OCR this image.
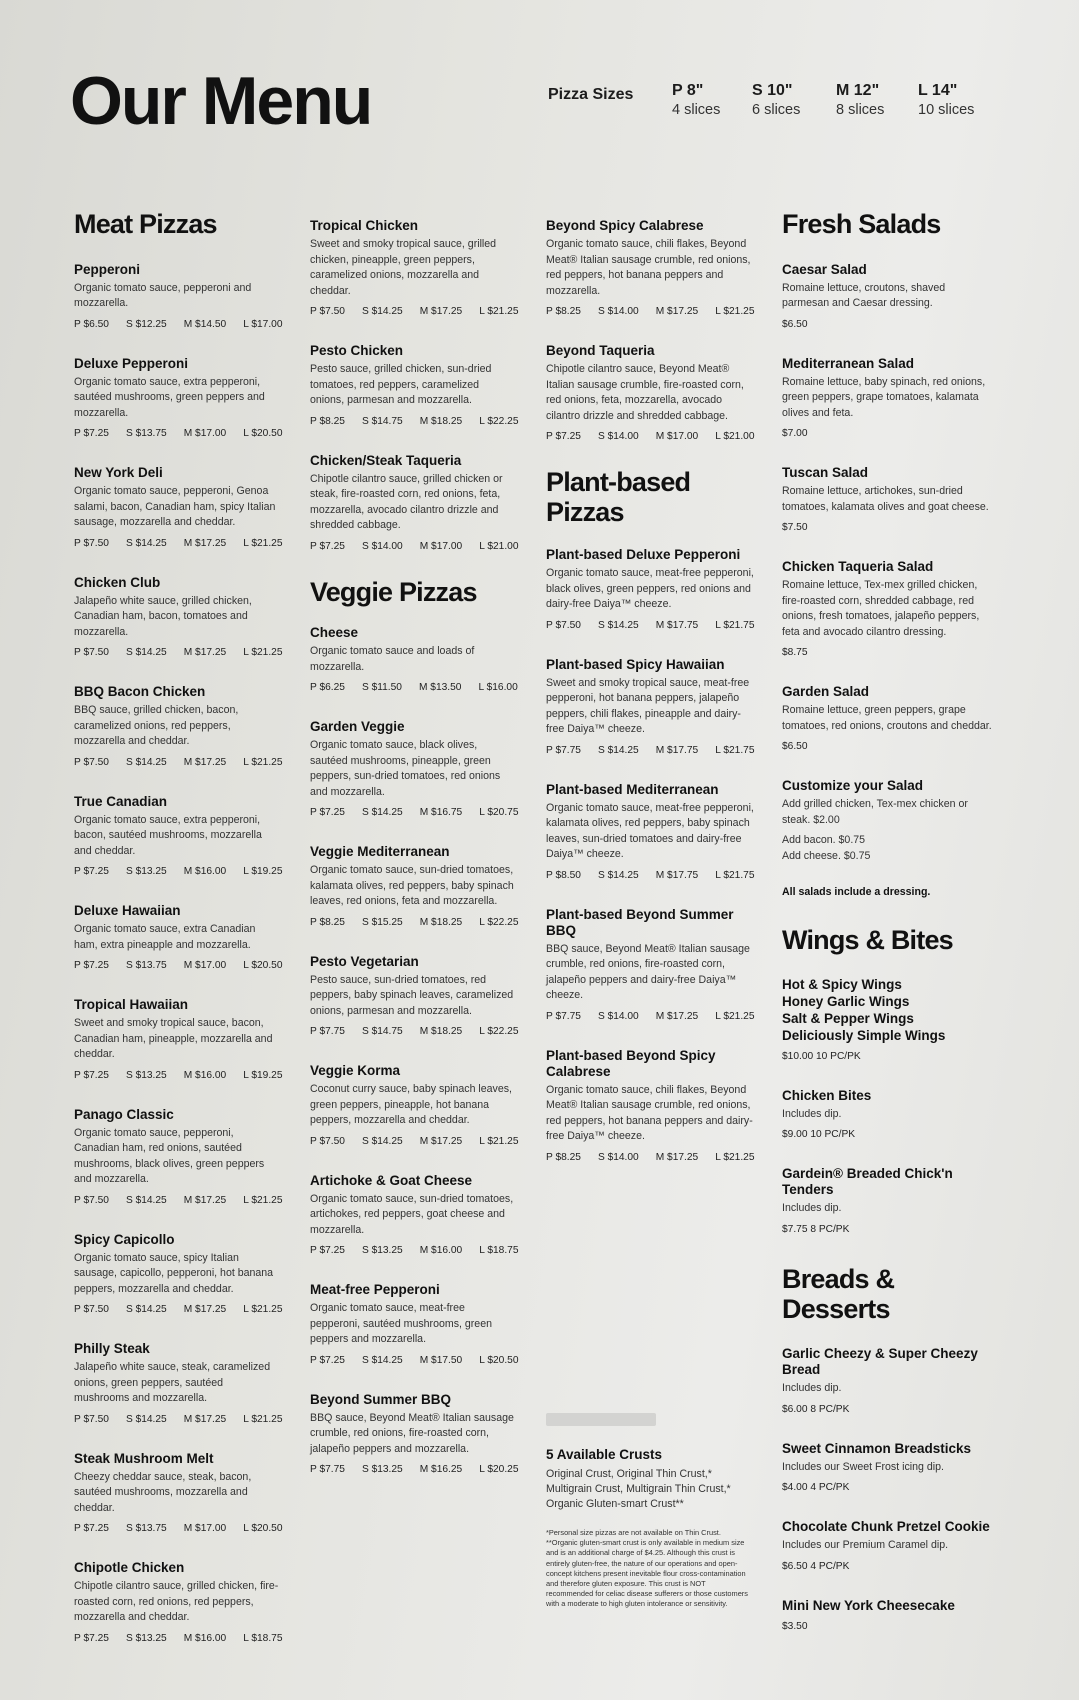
Our Menu	Pizza Sizes P 8"
4 slices
S 10"
6 slices
M 12"
8 slices
L 14"
10 slices
Meat Pizzas
Pepperoni
Organic tomato sauce, pepperoni and mozzarella.
P $6.50 S $12.25 M $14.50 L $17.00
Deluxe Pepperoni
Organic tomato sauce, extra pepperoni, sautéed mushrooms, green peppers and mozzarella.
P $7.25 S $13.75 M $17.00 L $20.50
New York Deli
Organic tomato sauce, pepperoni, Genoa salami, bacon, Canadian ham, spicy Italian sausage, mozzarella and cheddar.
P $7.50 S $14.25 M $17.25 L $21.25
Chicken Club
Jalapeño white sauce, grilled chicken, Canadian ham, bacon, tomatoes and mozzarella.
P $7.50 S $14.25 M $17.25 L $21.25
BBQ Bacon Chicken
BBQ sauce, grilled chicken, bacon, caramelized onions, red peppers, mozzarella and cheddar.
P $7.50 S $14.25 M $17.25 L $21.25
True Canadian
Organic tomato sauce, extra pepperoni, bacon, sautéed mushrooms, mozzarella and cheddar.
P $7.25 S $13.25 M $16.00 L $19.25
Deluxe Hawaiian
Organic tomato sauce, extra Canadian ham, extra pineapple and mozzarella.
P $7.25 S $13.75 M $17.00 L $20.50
Tropical Hawaiian
Sweet and smoky tropical sauce, bacon, Canadian ham, pineapple, mozzarella and cheddar.
P $7.25 S $13.25 M $16.00 L $19.25
Panago Classic
Organic tomato sauce, pepperoni, Canadian ham, red onions, sautéed mushrooms, black olives, green peppers and mozzarella.
P $7.50 S $14.25 M $17.25 L $21.25
Spicy Capicollo
Organic tomato sauce, spicy Italian sausage, capicollo, pepperoni, hot banana peppers, mozzarella and cheddar.
P $7.50 S $14.25 M $17.25 L $21.25
Philly Steak
Jalapeño white sauce, steak, caramelized onions, green peppers, sautéed mushrooms and mozzarella.
P $7.50 S $14.25 M $17.25 L $21.25
Steak Mushroom Melt
Cheezy cheddar sauce, steak, bacon, sautéed mushrooms, mozzarella and cheddar.
P $7.25 S $13.75 M $17.00 L $20.50
Chipotle Chicken
Chipotle cilantro sauce, grilled chicken, fire-roasted corn, red onions, red peppers, mozzarella and cheddar.
P $7.25 S $13.25 M $16.00 L $18.75
Tropical Chicken
Sweet and smoky tropical sauce, grilled chicken, pineapple, green peppers, caramelized onions, mozzarella and cheddar.
P $7.50 S $14.25 M $17.25 L $21.25
Pesto Chicken
Pesto sauce, grilled chicken, sun-dried tomatoes, red peppers, caramelized onions, parmesan and mozzarella.
P $8.25 S $14.75 M $18.25 L $22.25
Chicken/Steak Taqueria
Chipotle cilantro sauce, grilled chicken or steak, fire-roasted corn, red onions, feta, mozzarella, avocado cilantro drizzle and shredded cabbage.
P $7.25 S $14.00 M $17.00 L $21.00
Veggie Pizzas
Cheese
Organic tomato sauce and loads of mozzarella.
P $6.25 S $11.50 M $13.50 L $16.00
Garden Veggie
Organic tomato sauce, black olives, sautéed mushrooms, pineapple, green peppers, sun-dried tomatoes, red onions and mozzarella.
P $7.25 S $14.25 M $16.75 L $20.75
Veggie Mediterranean
Organic tomato sauce, sun-dried tomatoes, kalamata olives, red peppers, baby spinach leaves, red onions, feta and mozzarella.
P $8.25 S $15.25 M $18.25 L $22.25
Pesto Vegetarian
Pesto sauce, sun-dried tomatoes, red peppers, baby spinach leaves, caramelized onions, parmesan and mozzarella.
P $7.75 S $14.75 M $18.25 L $22.25
Veggie Korma
Coconut curry sauce, baby spinach leaves, green peppers, pineapple, hot banana peppers, mozzarella and cheddar.
P $7.50 S $14.25 M $17.25 L $21.25
Artichoke & Goat Cheese
Organic tomato sauce, sun-dried tomatoes, artichokes, red peppers, goat cheese and mozzarella.
P $7.25 S $13.25 M $16.00 L $18.75
Meat-free Pepperoni
Organic tomato sauce, meat-free pepperoni, sautéed mushrooms, green peppers and mozzarella.
P $7.25 S $14.25 M $17.50 L $20.50
Beyond Summer BBQ
BBQ sauce, Beyond Meat® Italian sausage crumble, red onions, fire-roasted corn, jalapeño peppers and mozzarella.
P $7.75 S $13.25 M $16.25 L $20.25
Beyond Spicy Calabrese
Organic tomato sauce, chili flakes, Beyond Meat® Italian sausage crumble, red onions, red peppers, hot banana peppers and mozzarella.
P $8.25 S $14.00 M $17.25 L $21.25
Beyond Taqueria
Chipotle cilantro sauce, Beyond Meat® Italian sausage crumble, fire-roasted corn, red onions, feta, mozzarella, avocado cilantro drizzle and shredded cabbage.
P $7.25 S $14.00 M $17.00 L $21.00
Plant-based Pizzas
Plant-based Deluxe Pepperoni
Organic tomato sauce, meat-free pepperoni, black olives, green peppers, red onions and dairy-free Daiya™ cheeze.
P $7.50 S $14.25 M $17.75 L $21.75
Plant-based Spicy Hawaiian
Sweet and smoky tropical sauce, meat-free pepperoni, hot banana peppers, jalapeño peppers, chili flakes, pineapple and dairy-free Daiya™ cheeze.
P $7.75 S $14.25 M $17.75 L $21.75
Plant-based Mediterranean
Organic tomato sauce, meat-free pepperoni, kalamata olives, red peppers, baby spinach leaves, sun-dried tomatoes and dairy-free Daiya™ cheeze.
P $8.50 S $14.25 M $17.75 L $21.75
Plant-based Beyond Summer BBQ
BBQ sauce, Beyond Meat® Italian sausage crumble, red onions, fire-roasted corn, jalapeño peppers and dairy-free Daiya™ cheeze.
P $7.75 S $14.00 M $17.25 L $21.25
Plant-based Beyond Spicy Calabrese
Organic tomato sauce, chili flakes, Beyond Meat® Italian sausage crumble, red onions, red peppers, hot banana peppers and dairy-free Daiya™ cheeze.
P $8.25 S $14.00 M $17.25 L $21.25
5 Available Crusts
Original Crust, Original Thin Crust,* Multigrain Crust, Multigrain Thin Crust,* Organic Gluten-smart Crust**
*Personal size pizzas are not available on Thin Crust. **Organic gluten-smart crust is only available in medium size and is an additional charge of $4.25. Although this crust is entirely gluten-free, the nature of our operations and open-concept kitchens present inevitable flour cross-contamination and therefore gluten exposure. This crust is NOT recommended for celiac disease sufferers or those customers with a moderate to high gluten intolerance or sensitivity.
Fresh Salads
Caesar Salad
Romaine lettuce, croutons, shaved parmesan and Caesar dressing.
$6.50
Mediterranean Salad
Romaine lettuce, baby spinach, red onions, green peppers, grape tomatoes, kalamata olives and feta.
$7.00
Tuscan Salad
Romaine lettuce, artichokes, sun-dried tomatoes, kalamata olives and goat cheese.
$7.50
Chicken Taqueria Salad
Romaine lettuce, Tex-mex grilled chicken, fire-roasted corn, shredded cabbage, red onions, fresh tomatoes, jalapeño peppers, feta and avocado cilantro dressing.
$8.75
Garden Salad
Romaine lettuce, green peppers, grape tomatoes, red onions, croutons and cheddar.
$6.50
Customize your Salad
Add grilled chicken, Tex-mex chicken or steak. $2.00
Add bacon. $0.75
Add cheese. $0.75
All salads include a dressing.
Wings & Bites
Hot & Spicy Wings
Honey Garlic Wings
Salt & Pepper Wings
Deliciously Simple Wings
$10.00 10 PC/PK
Chicken Bites
Includes dip.
$9.00 10 PC/PK
Gardein® Breaded Chick'n Tenders
Includes dip.
$7.75 8 PC/PK
Breads & Desserts
Garlic Cheezy & Super Cheezy Bread
Includes dip.
$6.00 8 PC/PK
Sweet Cinnamon Breadsticks
Includes our Sweet Frost icing dip.
$4.00 4 PC/PK
Chocolate Chunk Pretzel Cookie
Includes our Premium Caramel dip.
$6.50 4 PC/PK
Mini New York Cheesecake
$3.50
